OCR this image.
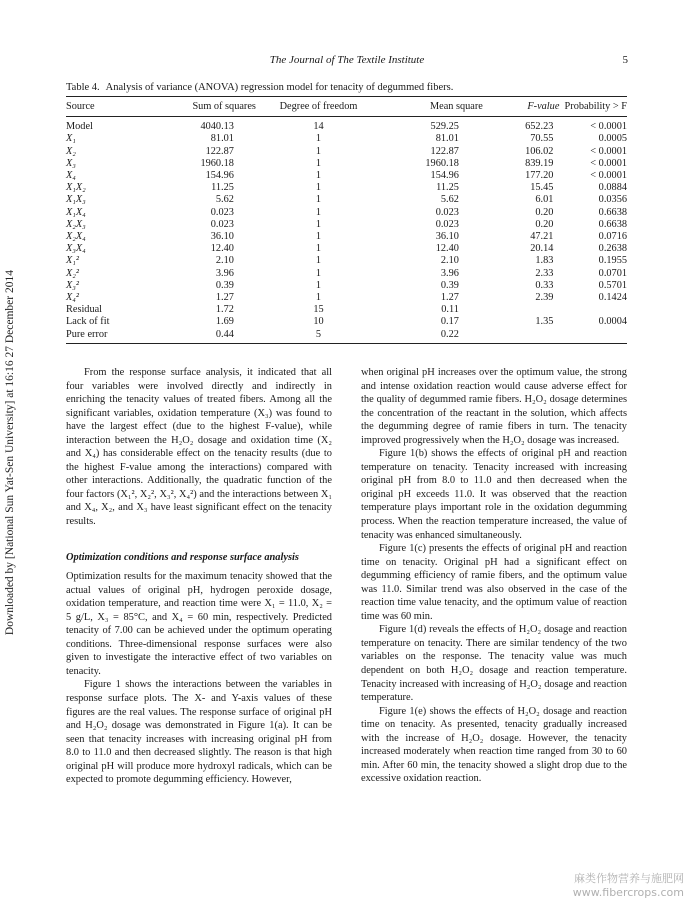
Downloaded by [National Sun Yat-Sen University] at 16:16 27 December 2014
The Journal of The Textile Institute	5
Table 4. Analysis of variance (ANOVA) regression model for tenacity of degummed fibers.
Source	Sum of squares	Degree of freedom	Mean square	F-value	Probability > F
Model	4040.13	14	529.25	652.23	< 0.0001
X₁	81.01	1	81.01	70.55	0.0005
X₂	122.87	1	122.87	106.02	< 0.0001
X₃	1960.18	1	1960.18	839.19	< 0.0001
X₄	154.96	1	154.96	177.20	< 0.0001
X₁X₂	11.25	1	11.25	15.45	0.0884
X₁X₃	5.62	1	5.62	6.01	0.0356
X₁X₄	0.023	1	0.023	0.20	0.6638
X₂X₃	0.023	1	0.023	0.20	0.6638
X₂X₄	36.10	1	36.10	47.21	0.0716
X₃X₄	12.40	1	12.40	20.14	0.2638
X₁²	2.10	1	2.10	1.83	0.1955
X₂²	3.96	1	3.96	2.33	0.0701
X₃²	0.39	1	0.39	0.33	0.5701
X₄²	1.27	1	1.27	2.39	0.1424
Residual	1.72	15	0.11		
Lack of fit	1.69	10	0.17	1.35	0.0004
Pure error	0.44	5	0.22		

From the response surface analysis, it indicated that all four variables were involved directly and indirectly in enriching the tenacity values of treated fibers. Among all the significant variables, oxidation temperature (X₃) was found to have the largest effect (due to the highest F-value), while interaction between the H₂O₂ dosage and oxidation time (X₂ and X₄) has considerable effect on the tenacity results (due to the highest F-value among the interactions) compared with other interactions. Additionally, the quadratic function of the four factors (X₁², X₂², X₃², X₄²) and the interactions between X₁ and X₄, X₂, and X₃ have least significant effect on the tenacity results.

Optimization conditions and response surface analysis

Optimization results for the maximum tenacity showed that the actual values of original pH, hydrogen peroxide dosage, oxidation temperature, and reaction time were X₁ = 11.0, X₂ = 5 g/L, X₃ = 85°C, and X₄ = 60 min, respectively. Predicted tenacity of 7.00 can be achieved under the optimum operating conditions. Three-dimensional response surfaces were also given to investigate the interactive effect of two variables on tenacity.

Figure 1 shows the interactions between the variables in response surface plots. The X- and Y-axis values of these figures are the real values. The response surface of original pH and H₂O₂ dosage was demonstrated in Figure 1(a). It can be seen that tenacity increases with increasing original pH from 8.0 to 11.0 and then decreased slightly. The reason is that high original pH will produce more hydroxyl radicals, which can be expected to promote degumming efficiency. However,

when original pH increases over the optimum value, the strong and intense oxidation reaction would cause adverse effect for the quality of degummed ramie fibers. H₂O₂ dosage determines the concentration of the reactant in the solution, which affects the degumming degree of ramie fibers in turn. The tenacity improved progressively when the H₂O₂ dosage was increased.

Figure 1(b) shows the effects of original pH and reaction temperature on tenacity. Tenacity increased with increasing original pH from 8.0 to 11.0 and then decreased when the original pH exceeds 11.0. It was observed that the reaction temperature plays important role in the oxidation degumming process. When the reaction temperature increased, the value of tenacity was enhanced simultaneously.

Figure 1(c) presents the effects of original pH and reaction time on tenacity. Original pH had a significant effect on degumming efficiency of ramie fibers, and the optimum value was 11.0. Similar trend was also observed in the case of the reaction time value tenacity, and the optimum value of reaction time was 60 min.

Figure 1(d) reveals the effects of H₂O₂ dosage and reaction temperature on tenacity. There are similar tendency of the two variables on the response. The tenacity value was much dependent on both H₂O₂ dosage and reaction temperature. Tenacity increased with increasing of H₂O₂ dosage and reaction temperature.

Figure 1(e) shows the effects of H₂O₂ dosage and reaction time on tenacity. As presented, tenacity gradually increased with the increase of H₂O₂ dosage. However, the tenacity increased moderately when reaction time ranged from 30 to 60 min. After 60 min, the tenacity showed a slight drop due to the excessive oxidation reaction.

麻类作物营养与施肥网
www.fibercrops.com
